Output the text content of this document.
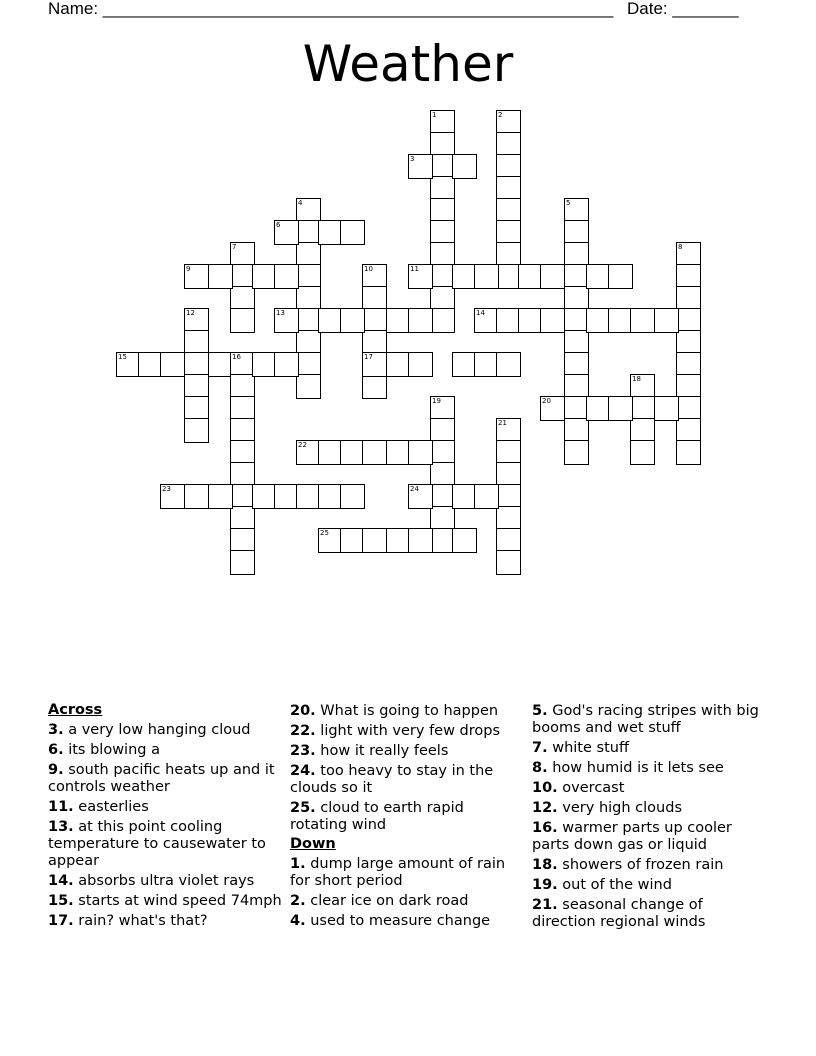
Name: ______________________________________________________ Date: _______
Weather
1	2
3
4	5
6
7	8
9	10	11
12	13	14
15	16	17
18
19	20
21
22
23	24
25
Across
3. a very low hanging cloud
6. its blowing a
9. south pacific heats up and it controls weather
11. easterlies
13. at this point cooling temperature to causewater to appear
14. absorbs ultra violet rays
15. starts at wind speed 74mph
17. rain? what's that?
20. What is going to happen
22. light with very few drops
23. how it really feels
24. too heavy to stay in the clouds so it
25. cloud to earth rapid rotating wind
Down
1. dump large amount of rain for short period
2. clear ice on dark road
4. used to measure change
5. God's racing stripes with big booms and wet stuff
7. white stuff
8. how humid is it lets see
10. overcast
12. very high clouds
16. warmer parts up cooler parts down gas or liquid
18. showers of frozen rain
19. out of the wind
21. seasonal change of direction regional winds
